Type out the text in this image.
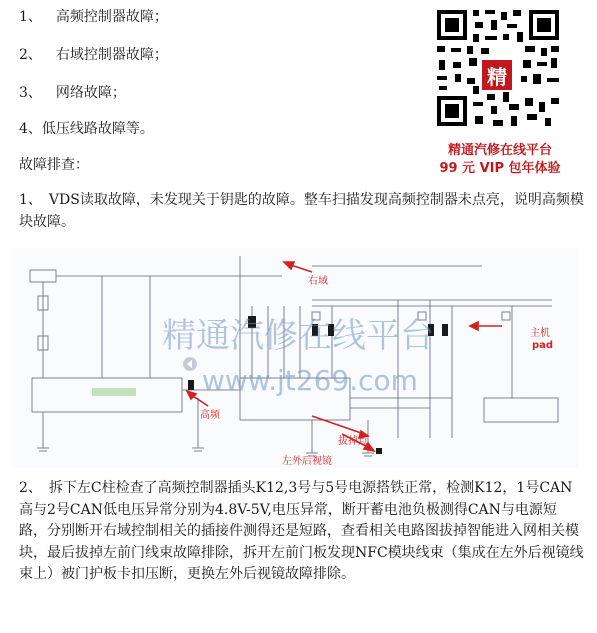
1、 高频控制器故障；
2、 右域控制器故障；
3、 网络故障；
4、低压线路故障等。
故障排查：
1、　VDS读取故障，未发现关于钥匙的故障。整车扫描发现高频控制器未点亮，说明高频模块故障。
精
精通汽修在线平台
99 元 VIP 包年体验
精通汽修在线平台
www.jt269.com
右域
主机
pad
高频
拔掉点
左外后视镜
2、　拆下左C柱检查了高频控制器插头K12,3号与5号电源搭铁正常，检测K12，1号CAN高与2号CAN低电压异常分别为4.8V-5V,电压异常，断开蓄电池负极测得CAN与电源短路，分别断开右域控制相关的插接件测得还是短路，查看相关电路图拔掉智能进入网相关模块，最后拔掉左前门线束故障排除，拆开左前门板发现NFC模块线束（集成在左外后视镜线束上）被门护板卡扣压断，更换左外后视镜故障排除。
